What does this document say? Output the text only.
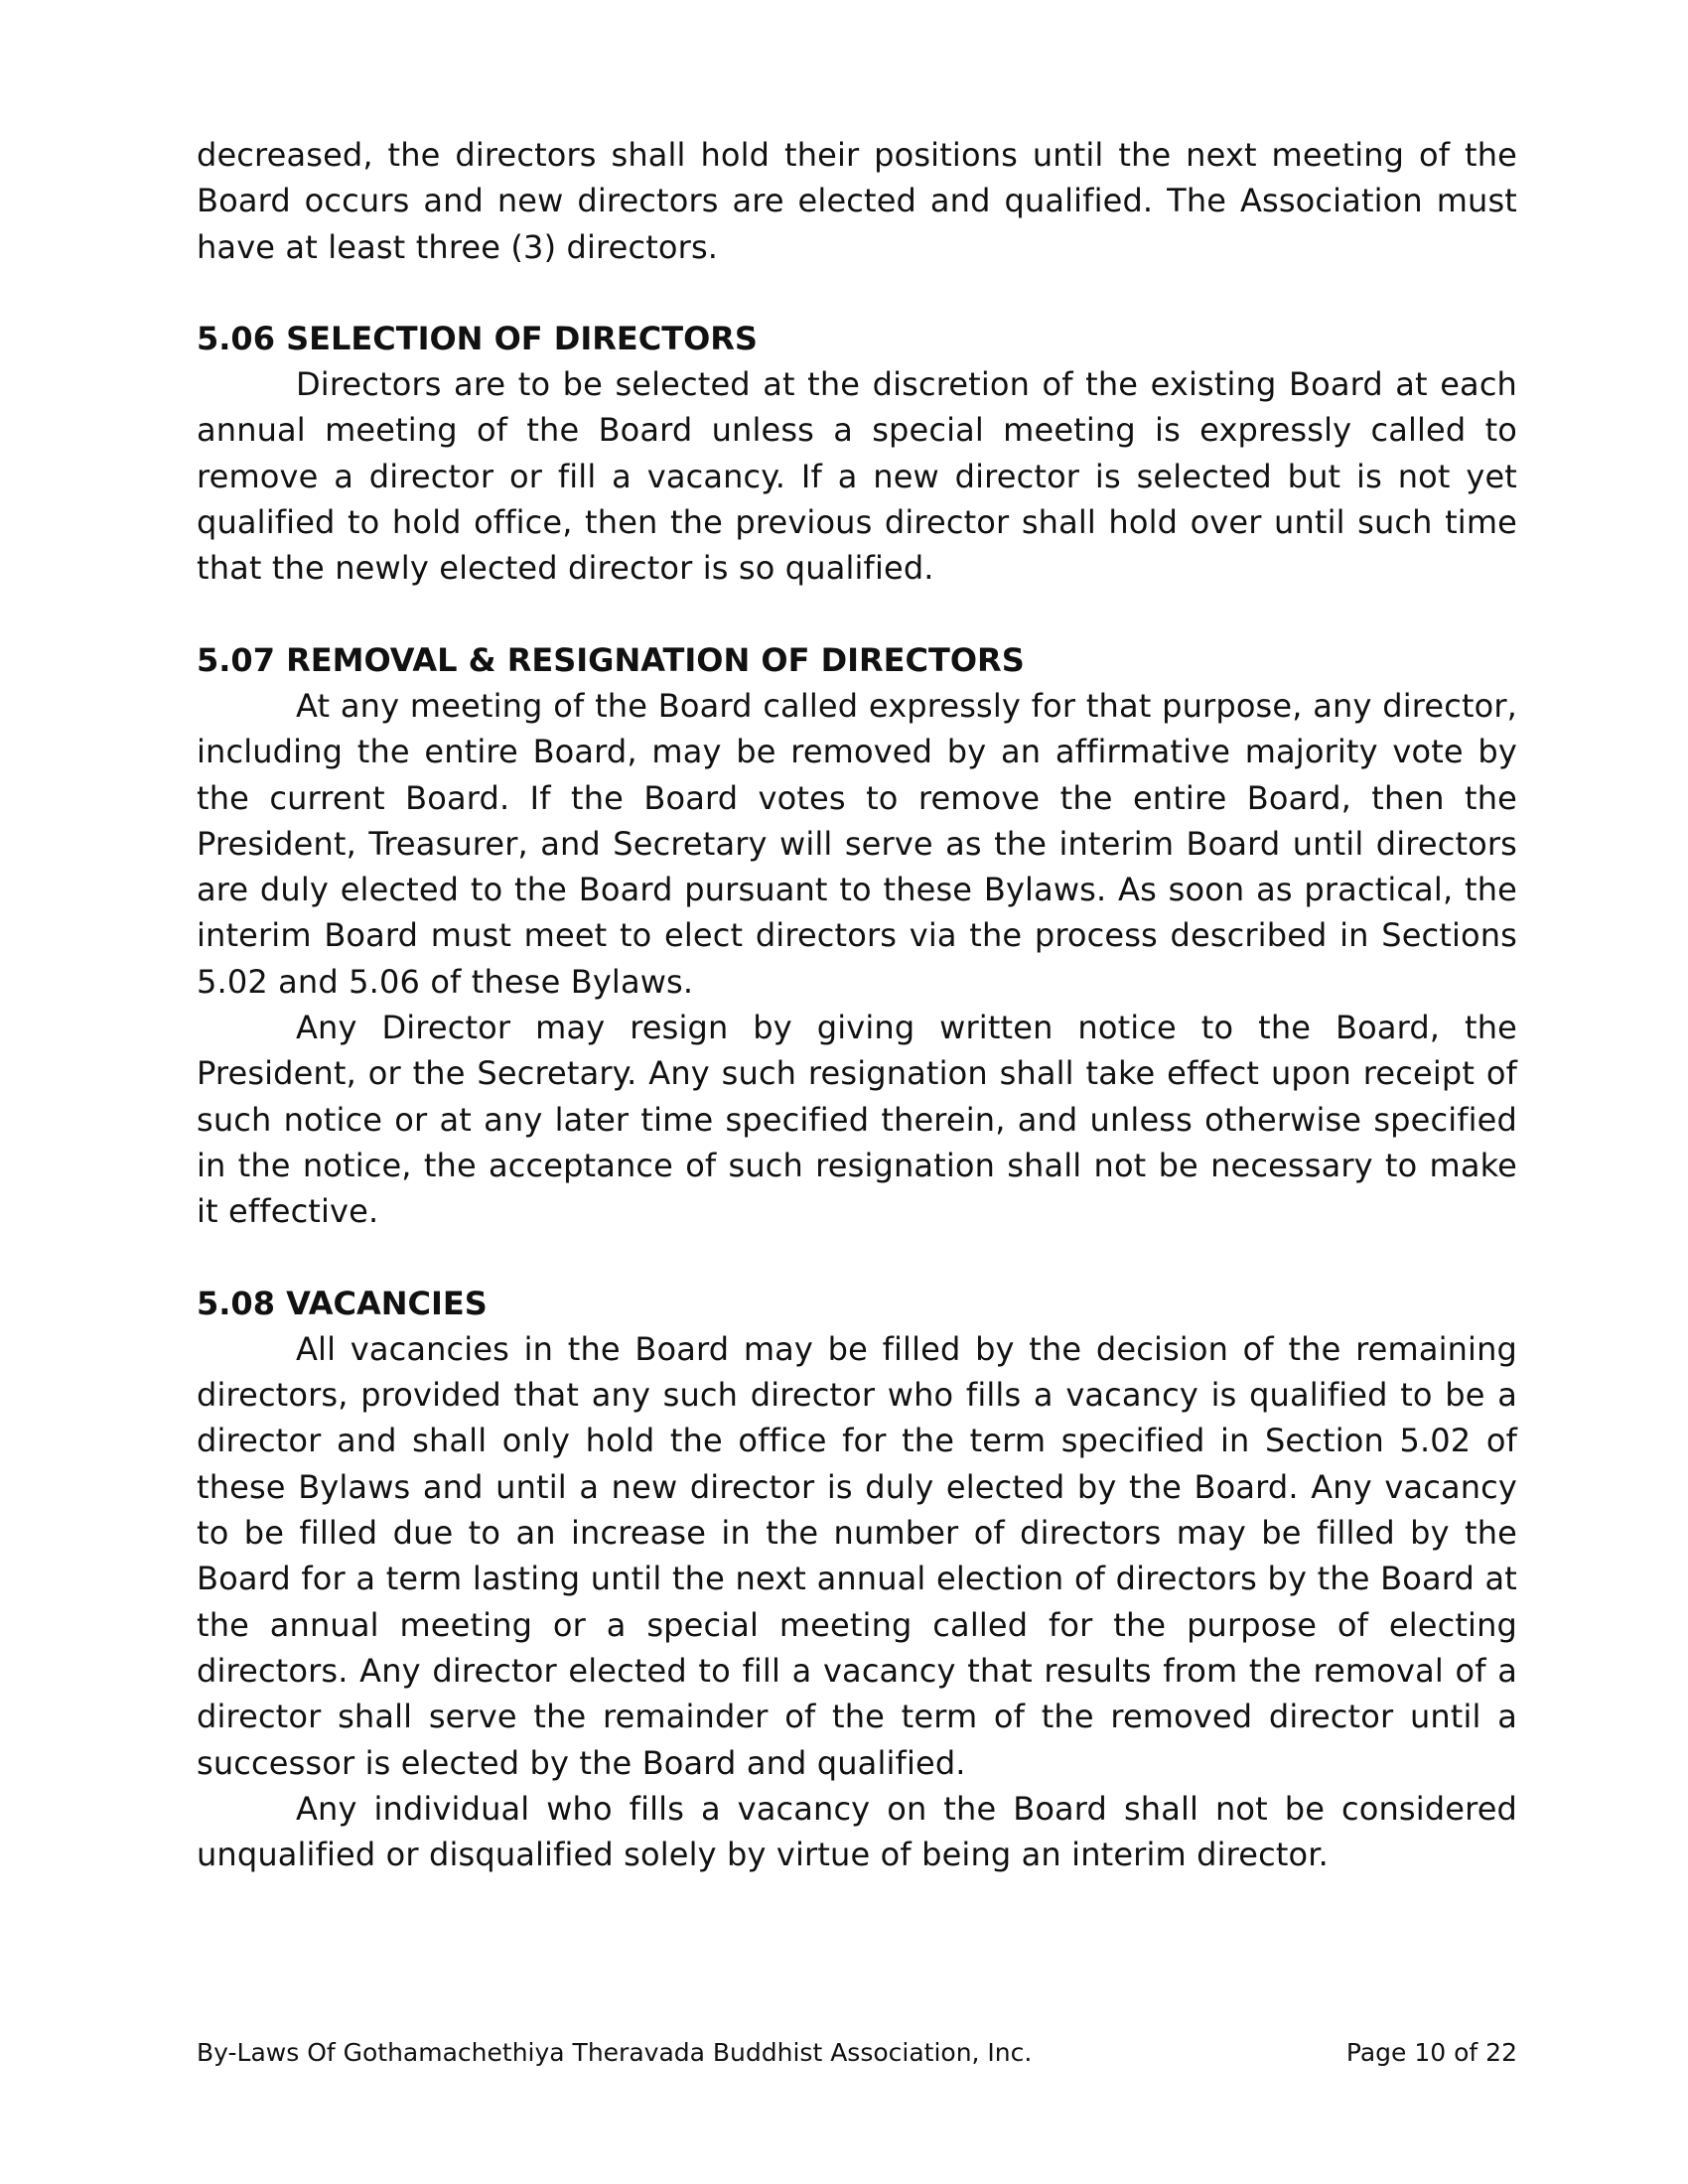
decreased, the directors shall hold their positions until the next meeting of the Board occurs and new directors are elected and qualified. The Association must have at least three (3) directors.

5.06 SELECTION OF DIRECTORS

Directors are to be selected at the discretion of the existing Board at each annual meeting of the Board unless a special meeting is expressly called to remove a director or fill a vacancy. If a new director is selected but is not yet qualified to hold office, then the previous director shall hold over until such time that the newly elected director is so qualified.

5.07 REMOVAL & RESIGNATION OF DIRECTORS

At any meeting of the Board called expressly for that purpose, any director, including the entire Board, may be removed by an affirmative majority vote by the current Board. If the Board votes to remove the entire Board, then the President, Treasurer, and Secretary will serve as the interim Board until directors are duly elected to the Board pursuant to these Bylaws. As soon as practical, the interim Board must meet to elect directors via the process described in Sections 5.02 and 5.06 of these Bylaws.

Any Director may resign by giving written notice to the Board, the President, or the Secretary. Any such resignation shall take effect upon receipt of such notice or at any later time specified therein, and unless otherwise specified in the notice, the acceptance of such resignation shall not be necessary to make it effective.

5.08 VACANCIES

All vacancies in the Board may be filled by the decision of the remaining directors, provided that any such director who fills a vacancy is qualified to be a director and shall only hold the office for the term specified in Section 5.02 of these Bylaws and until a new director is duly elected by the Board. Any vacancy to be filled due to an increase in the number of directors may be filled by the Board for a term lasting until the next annual election of directors by the Board at the annual meeting or a special meeting called for the purpose of electing directors. Any director elected to fill a vacancy that results from the removal of a director shall serve the remainder of the term of the removed director until a successor is elected by the Board and qualified.

Any individual who fills a vacancy on the Board shall not be considered unqualified or disqualified solely by virtue of being an interim director.

By-Laws Of Gothamachethiya Theravada Buddhist Association, Inc.	Page 10 of 22
